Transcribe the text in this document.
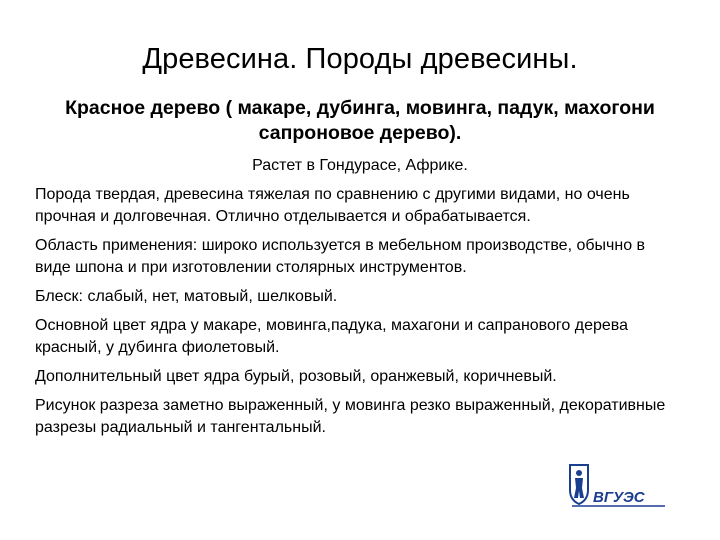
Древесина. Породы древесины.
Красное дерево ( макаре, дубинга, мовинга, падук, махогони сапроновое дерево).
Растет в Гондурасе, Африке.

Порода твердая, древесина тяжелая по сравнению с другими видами, но очень прочная и долговечная. Отлично отделывается и обрабатывается.

Область применения: широко используется в мебельном производстве, обычно в виде шпона и при изготовлении столярных инструментов.

Блеск: слабый, нет, матовый, шелковый.

Основной цвет ядра у макаре, мовинга,падука, махагони и сапранового дерева красный, у дубинга фиолетовый.

Дополнительный цвет ядра бурый, розовый, оранжевый, коричневый.

Рисунок разреза заметно выраженный, у мовинга резко выраженный, декоративные разрезы радиальный и тангентальный.

ВГУЭС
